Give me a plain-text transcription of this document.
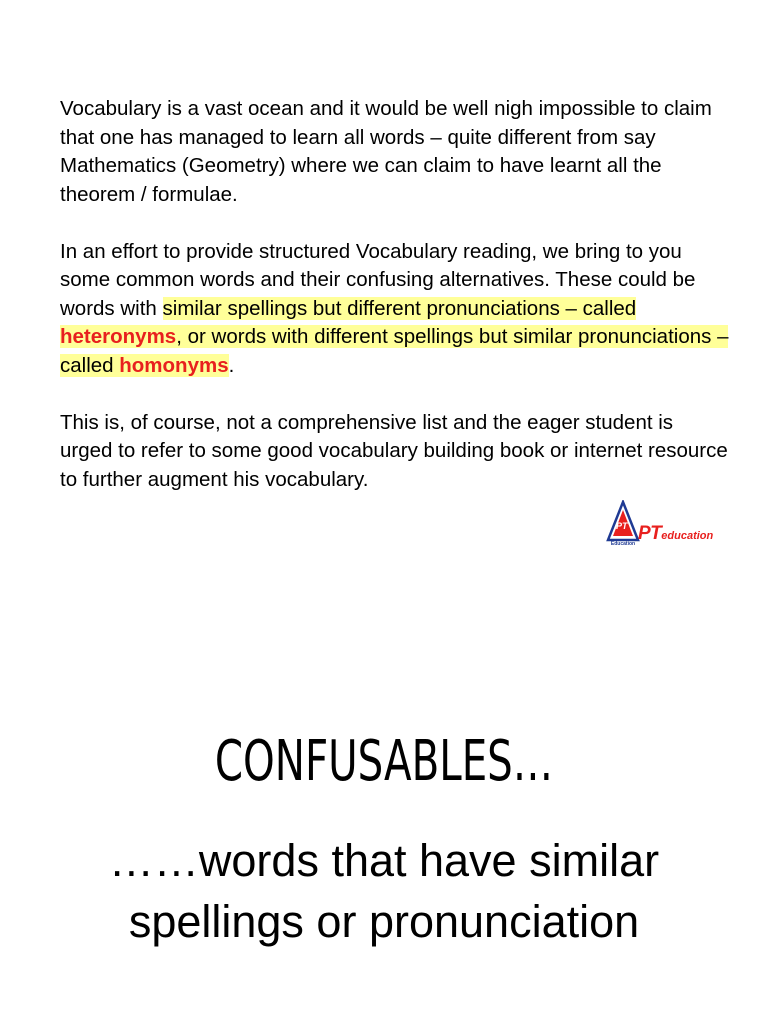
Vocabulary is a vast ocean and it would be well nigh impossible to claim that one has managed to learn all words – quite different from say Mathematics (Geometry) where we can claim to have learnt all the theorem / formulae.

In an effort to provide structured Vocabulary reading, we bring to you some common words and their confusing alternatives. These could be words with similar spellings but different pronunciations – called heteronyms, or words with different spellings but similar pronunciations – called homonyms.

This is, of course, not a comprehensive list and the eager student is urged to refer to some good vocabulary building book or internet resource to further augment his vocabulary.

PT
Education PTeducation
CONFUSABLES…
……words that have similar spellings or pronunciation
